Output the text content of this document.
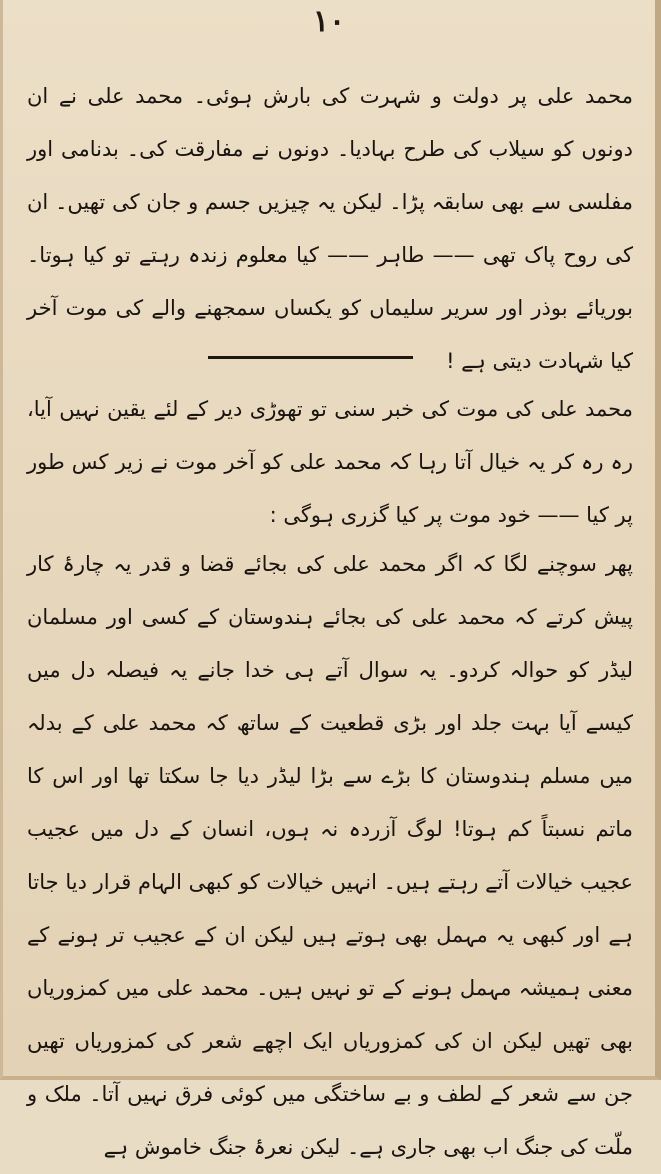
۱۰

محمد علی پر دولت و شہرت کی بارش ہوئی۔ محمد علی نے ان دونوں کو سیلاب کی طرح بہادیا۔ دونوں نے مفارقت کی۔ بدنامی اور مفلسی سے بھی سابقہ پڑا۔ لیکن یہ چیزیں جسم و جان کی تھیں۔ ان کی روح پاک تھی —— طاہر —— کیا معلوم زندہ رہتے تو کیا ہوتا۔ بوریائے بوذر اور سریر سلیماں کو یکساں سمجھنے والے کی موت آخر کیا شہادت دیتی ہے !

محمد علی کی موت کی خبر سنی تو تھوڑی دیر کے لئے یقین نہیں آیا، رہ رہ کر یہ خیال آتا رہا کہ محمد علی کو آخر موت نے زیر کس طور پر کیا —— خود موت پر کیا گزری ہوگی :

پھر سوچنے لگا کہ اگر محمد علی کی بجائے قضا و قدر یہ چارۂ کار پیش کرتے کہ محمد علی کی بجائے ہندوستان کے کسی اور مسلمان لیڈر کو حوالہ کردو۔ یہ سوال آتے ہی خدا جانے یہ فیصلہ دل میں کیسے آیا بہت جلد اور بڑی قطعیت کے ساتھ کہ محمد علی کے بدلہ میں مسلم ہندوستان کا بڑے سے بڑا لیڈر دیا جا سکتا تھا اور اس کا ماتم نسبتاً کم ہوتا! لوگ آزردہ نہ ہوں، انسان کے دل میں عجیب عجیب خیالات آتے رہتے ہیں۔ انہیں خیالات کو کبھی الہام قرار دیا جاتا ہے اور کبھی یہ مہمل بھی ہوتے ہیں لیکن ان کے عجیب تر ہونے کے معنی ہمیشہ مہمل ہونے کے تو نہیں ہیں۔ محمد علی میں کمزوریاں بھی تھیں لیکن ان کی کمزوریاں ایک اچھے شعر کی کمزوریاں تھیں جن سے شعر کے لطف و بے ساختگی میں کوئی فرق نہیں آتا۔ ملک و ملّت کی جنگ اب بھی جاری ہے۔ لیکن نعرۂ جنگ خاموش ہے
